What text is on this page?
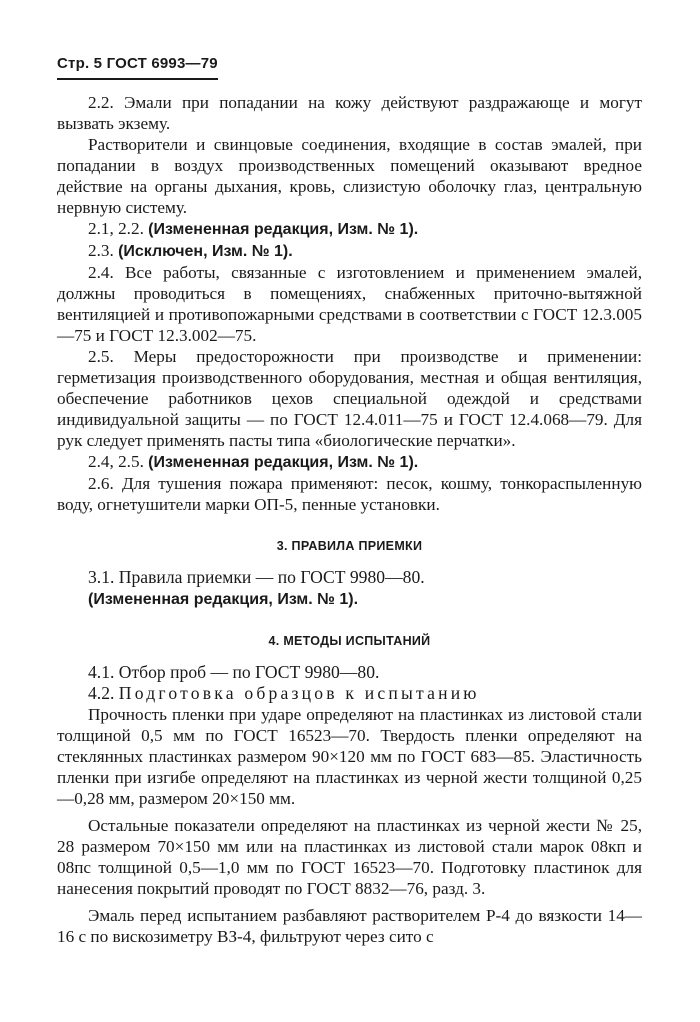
Стр. 5 ГОСТ 6993—79

2.2. Эмали при попадании на кожу действуют раздражающе и могут вызвать экзему.

Растворители и свинцовые соединения, входящие в состав эмалей, при попадании в воздух производственных помещений оказывают вредное действие на органы дыхания, кровь, слизистую оболочку глаз, центральную нервную систему.

2.1, 2.2. (Измененная редакция, Изм. № 1).

2.3. (Исключен, Изм. № 1).

2.4. Все работы, связанные с изготовлением и применением эмалей, должны проводиться в помещениях, снабженных приточно-вытяжной вентиляцией и противопожарными средствами в соответствии с ГОСТ 12.3.005—75 и ГОСТ 12.3.002—75.

2.5. Меры предосторожности при производстве и применении: герметизация производственного оборудования, местная и общая вентиляция, обеспечение работников цехов специальной одеждой и средствами индивидуальной защиты — по ГОСТ 12.4.011—75 и ГОСТ 12.4.068—79. Для рук следует применять пасты типа «биологические перчатки».

2.4, 2.5. (Измененная редакция, Изм. № 1).

2.6. Для тушения пожара применяют: песок, кошму, тонкораспыленную воду, огнетушители марки ОП-5, пенные установки.

3. ПРАВИЛА ПРИЕМКИ

3.1. Правила приемки — по ГОСТ 9980—80.

(Измененная редакция, Изм. № 1).

4. МЕТОДЫ ИСПЫТАНИЙ

4.1. Отбор проб — по ГОСТ 9980—80.

4.2. Подготовка образцов к испытанию

Прочность пленки при ударе определяют на пластинках из листовой стали толщиной 0,5 мм по ГОСТ 16523—70. Твердость пленки определяют на стеклянных пластинках размером 90×120 мм по ГОСТ 683—85. Эластичность пленки при изгибе определяют на пластинках из черной жести толщиной 0,25—0,28 мм, размером 20×150 мм.

Остальные показатели определяют на пластинках из черной жести № 25, 28 размером 70×150 мм или на пластинках из листовой стали марок 08кп и 08пс толщиной 0,5—1,0 мм по ГОСТ 16523—70. Подготовку пластинок для нанесения покрытий проводят по ГОСТ 8832—76, разд. 3.

Эмаль перед испытанием разбавляют растворителем Р-4 до вязкости 14—16 с по вискозиметру ВЗ-4, фильтруют через сито с
